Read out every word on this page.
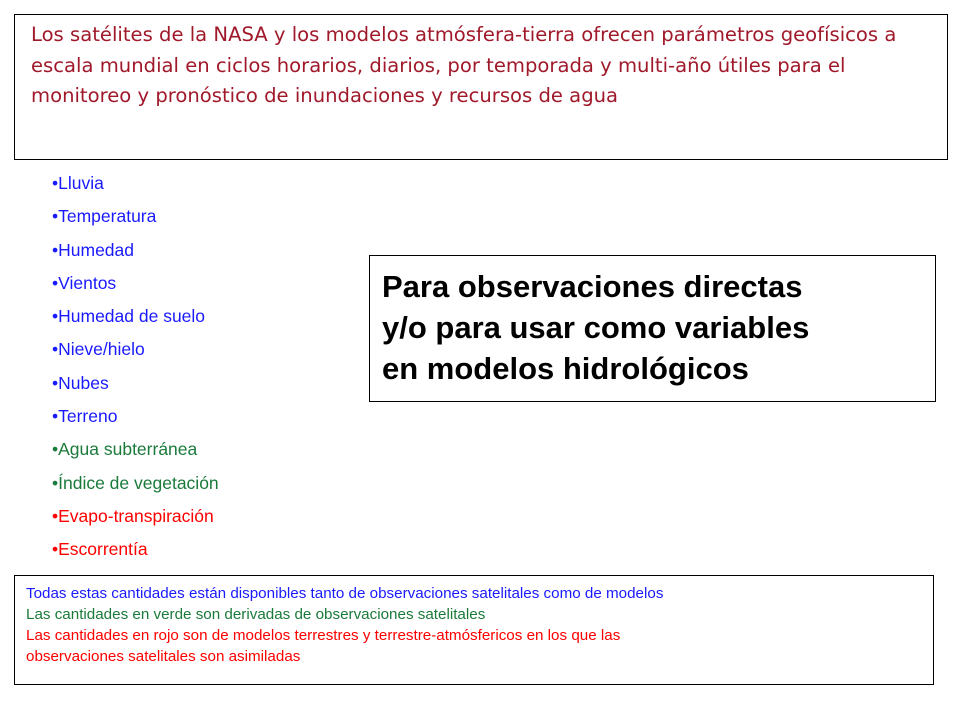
Los satélites de la NASA y los modelos atmósfera-tierra ofrecen parámetros geofísicos a escala mundial en ciclos horarios, diarios, por temporada y multi-año útiles para el monitoreo y pronóstico de inundaciones y recursos de agua
•Lluvia
•Temperatura
•Humedad
•Vientos
•Humedad de suelo
•Nieve/hielo
•Nubes
•Terreno
•Agua subterránea
•Índice de vegetación
•Evapo-transpiración
•Escorrentía
Para observaciones directas
y/o para usar como variables
en modelos hidrológicos

Todas estas cantidades están disponibles tanto de observaciones satelitales como de modelos

Las cantidades en verde son derivadas de observaciones satelitales

Las cantidades en rojo son de modelos terrestres y terrestre-atmósfericos en los que las

observaciones satelitales son asimiladas
